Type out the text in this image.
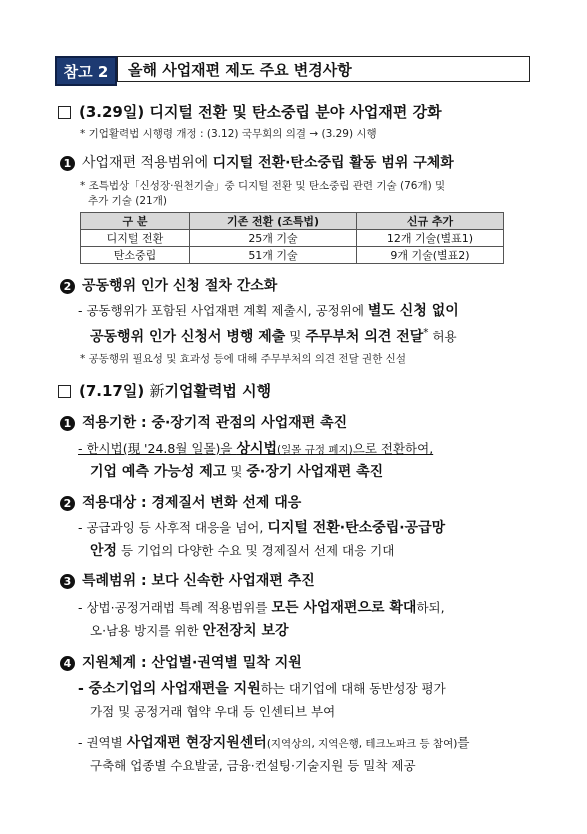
참고 2	올해 사업재편 제도 주요 변경사항
(3.29일) 디지털 전환 및 탄소중립 분야 사업재편 강화
* 기업활력법 시행령 개정 : (3.12) 국무회의 의결 → (3.29) 시행
1 사업재편 적용범위에 디지털 전환·탄소중립 활동 범위 구체화
* 조특법상「신성장·원천기술」중 디지털 전환 및 탄소중립 관련 기술 (76개) 및
추가 기술 (21개)
구 분	기존 전환 (조특법)	신규 추가
디지털 전환	25개 기술	12개 기술(별표1)
탄소중립	51개 기술	9개 기술(별표2)
2 공동행위 인가 신청 절차 간소화
- 공동행위가 포함된 사업재편 계획 제출시, 공정위에 별도 신청 없이
공동행위 인가 신청서 병행 제출 및 주무부처 의견 전달* 허용
* 공동행위 필요성 및 효과성 등에 대해 주무부처의 의견 전달 권한 신설
(7.17일) 新기업활력법 시행
1 적용기한 : 중·장기적 관점의 사업재편 촉진
- 한시법(現 '24.8월 일몰)을 상시법(일몰 규정 폐지)으로 전환하여,
기업 예측 가능성 제고 및 중·장기 사업재편 촉진
2 적용대상 : 경제질서 변화 선제 대응
- 공급과잉 등 사후적 대응을 넘어, 디지털 전환·탄소중립·공급망
안정 등 기업의 다양한 수요 및 경제질서 선제 대응 기대
3 특례범위 : 보다 신속한 사업재편 추진
- 상법·공정거래법 특례 적용범위를 모든 사업재편으로 확대하되,
오·남용 방지를 위한 안전장치 보강
4 지원체계 : 산업별·권역별 밀착 지원
- 중소기업의 사업재편을 지원하는 대기업에 대해 동반성장 평가
가점 및 공정거래 협약 우대 등 인센티브 부여
- 권역별 사업재편 현장지원센터(지역상의, 지역은행, 테크노파크 등 참여)를
구축해 업종별 수요발굴, 금융·컨설팅·기술지원 등 밀착 제공
